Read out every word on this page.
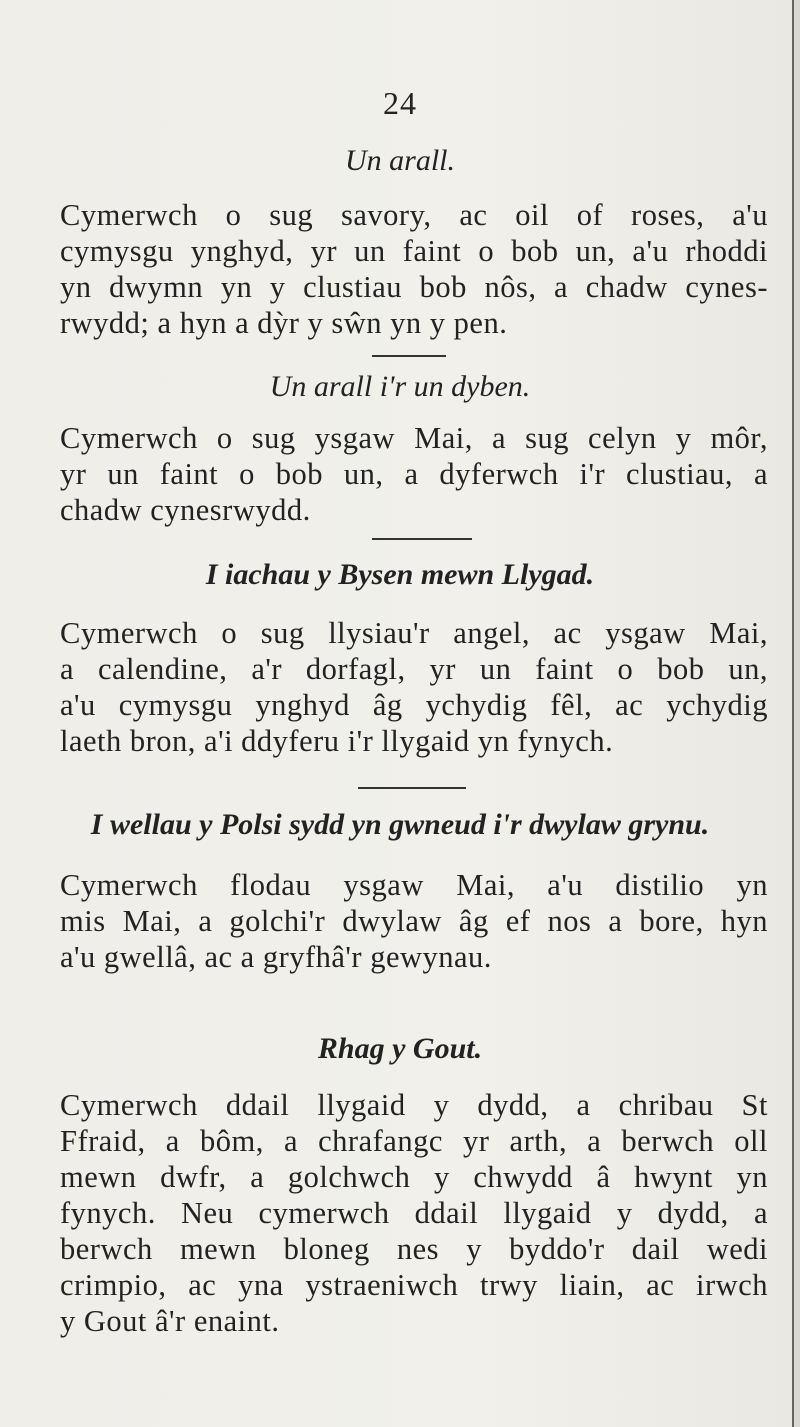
24
Un arall.
Cymerwch o sug savory, ac oil of roses, a'u
cymysgu ynghyd, yr un faint o bob un, a'u rhoddi
yn dwymn yn y clustiau bob nôs, a chadw cynes-
rwydd; a hyn a dỳr y sŵn yn y pen.
Un arall i'r un dyben.
Cymerwch o sug ysgaw Mai, a sug celyn y môr,
yr un faint o bob un, a dyferwch i'r clustiau, a
chadw cynesrwydd.
I iachau y Bysen mewn Llygad.
Cymerwch o sug llysiau'r angel, ac ysgaw Mai,
a calendine, a'r dorfagl, yr un faint o bob un,
a'u cymysgu ynghyd âg ychydig fêl, ac ychydig
laeth bron, a'i ddyferu i'r llygaid yn fynych.
I wellau y Polsi sydd yn gwneud i'r dwylaw grynu.
Cymerwch flodau ysgaw Mai, a'u distilio yn
mis Mai, a golchi'r dwylaw âg ef nos a bore, hyn
a'u gwellâ, ac a gryfhâ'r gewynau.
Rhag y Gout.
Cymerwch ddail llygaid y dydd, a chribau St
Ffraid, a bôm, a chrafangc yr arth, a berwch oll
mewn dwfr, a golchwch y chwydd â hwynt yn
fynych. Neu cymerwch ddail llygaid y dydd, a
berwch mewn bloneg nes y byddo'r dail wedi
crimpio, ac yna ystraeniwch trwy liain, ac irwch
y Gout â'r enaint.
